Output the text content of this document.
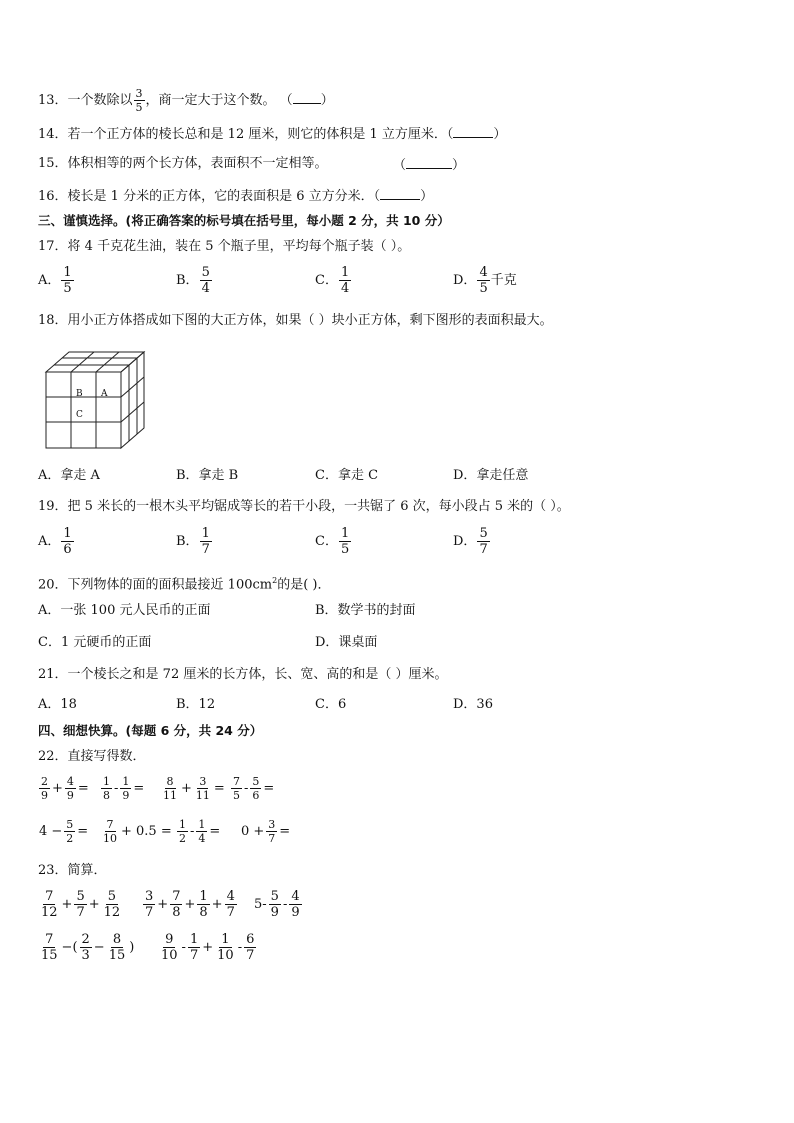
13．一个数除以 $\frac{3}{5}$ ，商一定大于这个数。 （ ）
14．若一个正方体的棱长总和是 12 厘米，则它的体积是 1 立方厘米．（	）
15．体积相等的两个长方体，表面积不一定相等。	（	）
16．棱长是 1 分米的正方体，它的表面积是 6 立方分米．（	）
三、谨慎选择。(将正确答案的标号填在括号里，每小题 2 分，共 10 分）
17．将 4 千克花生油，装在 5 个瓶子里，平均每个瓶子装（ ）。
A． $\frac{1}{5}$	B． $\frac{5}{4}$	C． $\frac{1}{4}$	D． $\frac{4}{5}$ 千克
18．用小正方体搭成如下图的大正方体，如果（ ）块小正方体，剩下图形的表面积最大。
B A
C
A．拿走 A	B．拿走 B	C．拿走 C	D．拿走任意
19．把 5 米长的一根木头平均锯成等长的若干小段，一共锯了 6 次，每小段占 5 米的（ ）。
A． $\frac{1}{6}$	B． $\frac{1}{7}$	C． $\frac{1}{5}$	D． $\frac{5}{7}$
20．下列物体的面的面积最接近 $100cm^2$的是( )．
A．一张 100 元人民币的正面	B．数学书的封面
C．1 元硬币的正面	D．课桌面
21．一个棱长之和是 72 厘米的长方体，长、宽、高的和是（ ）厘米。
A．18	B．12	C．6	D．36
四、细想快算。(每题 6 分，共 24 分）
22．直接写得数．
$\frac{2}{9} + \frac{4}{9} = \frac{1}{8} - \frac{1}{9} = \frac{8}{11} + \frac{3}{11} = \frac{7}{5} - \frac{5}{6}$ =
$4 - \frac{5}{2} = \frac{7}{10} + 0.5 = \frac{1}{2} - \frac{1}{4} = 0 + \frac{3}{7}$ =
23．简算．
$\frac{7}{12} + \frac{5}{7} + \frac{5}{12} \frac{3}{7} + \frac{7}{8} + \frac{1}{8} + \frac{4}{7} 5- \frac{5}{9} - \frac{4}{9}$
$\frac{7}{15}$ −( $\frac{2}{3} - \frac{8}{15}$ ) $\frac{9}{10} - \frac{1}{7} + \frac{1}{10} - \frac{6}{7}$
